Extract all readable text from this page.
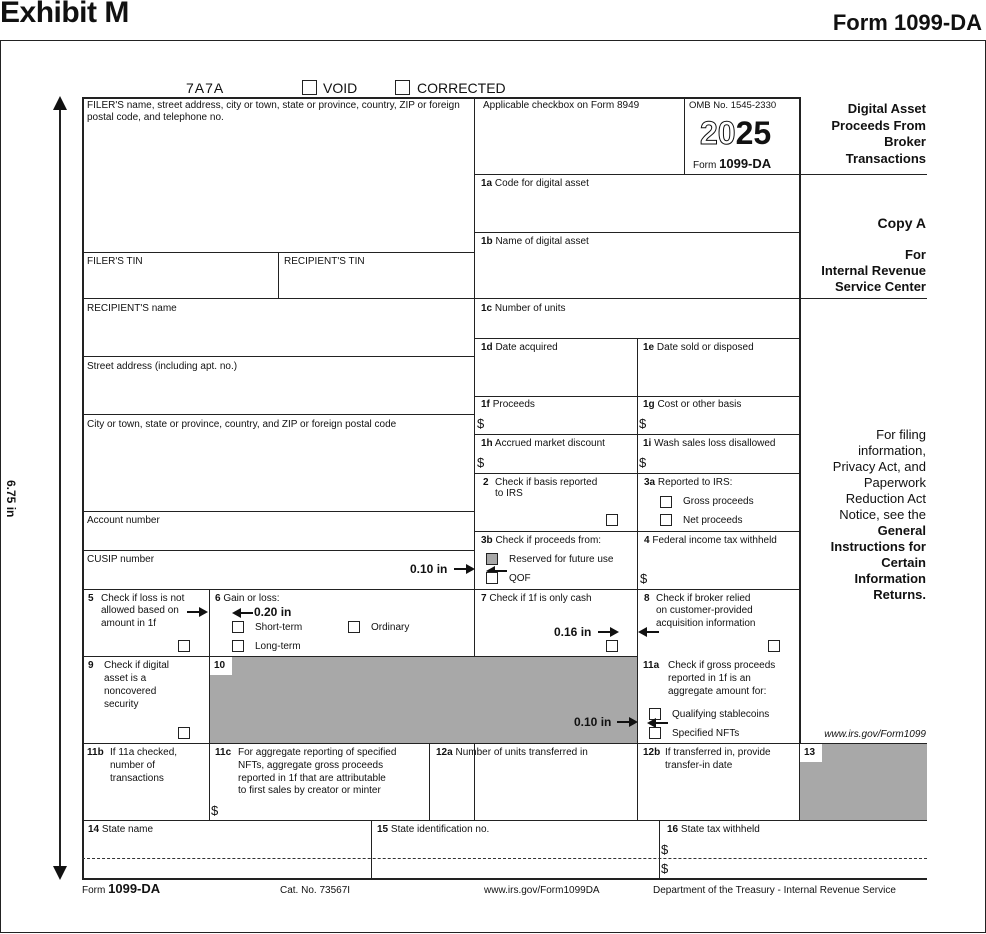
Exhibit M	Form 1099-DA
6.75 in
7A7A	VOID	CORRECTED
FILER'S name, street address, city or town, state or province, country, ZIP or foreign postal code, and telephone no.
FILER'S TIN	RECIPIENT'S TIN
RECIPIENT'S name
Street address (including apt. no.)
City or town, state or province, country, and ZIP or foreign postal code
Account number
CUSIP number
0.10 in
Applicable checkbox on Form 8949	OMB No. 1545-2330
2025
Form 1099-DA
Digital Asset
Proceeds From
Broker
Transactions
Copy A
For
Internal Revenue
Service Center
For filing
information,
Privacy Act, and
Paperwork
Reduction Act
Notice, see the
General
Instructions for
Certain
Information
Returns.
www.irs.gov/Form1099
1a Code for digital asset
1b Name of digital asset
1c Number of units
1d Date acquired	1e Date sold or disposed
1f Proceeds
$
1g Cost or other basis
$
1h Accrued market discount
$
1i Wash sales loss disallowed
$
2 Check if basis reported
to IRS
3a Reported to IRS:
Gross proceeds
Net proceeds
3b Check if proceeds from:
Reserved for future use
QOF
4 Federal income tax withheld
$
5 Check if loss is not
allowed based on
amount in 1f
6 Gain or loss:
0.20 in
Short-term	Ordinary
Long-term
7 Check if 1f is only cash
0.16 in
8 Check if broker relied
on customer-provided
acquisition information
9 Check if digital
asset is a
noncovered
security
10	11a Check if gross proceeds
reported in 1f is an
aggregate amount for:
0.10 in
Qualifying stablecoins
Specified NFTs
11b If 11a checked,
number of
transactions
11c For aggregate reporting of specified
NFTs, aggregate gross proceeds
reported in 1f that are attributable
to first sales by creator or minter
$
12a Number of units transferred in	12b If transferred in, provide
transfer-in date
13
14 State name	15 State identification no.	16 State tax withheld
$
$
Form 1099-DA	Cat. No. 73567I	www.irs.gov/Form1099DA	Department of the Treasury - Internal Revenue Service
